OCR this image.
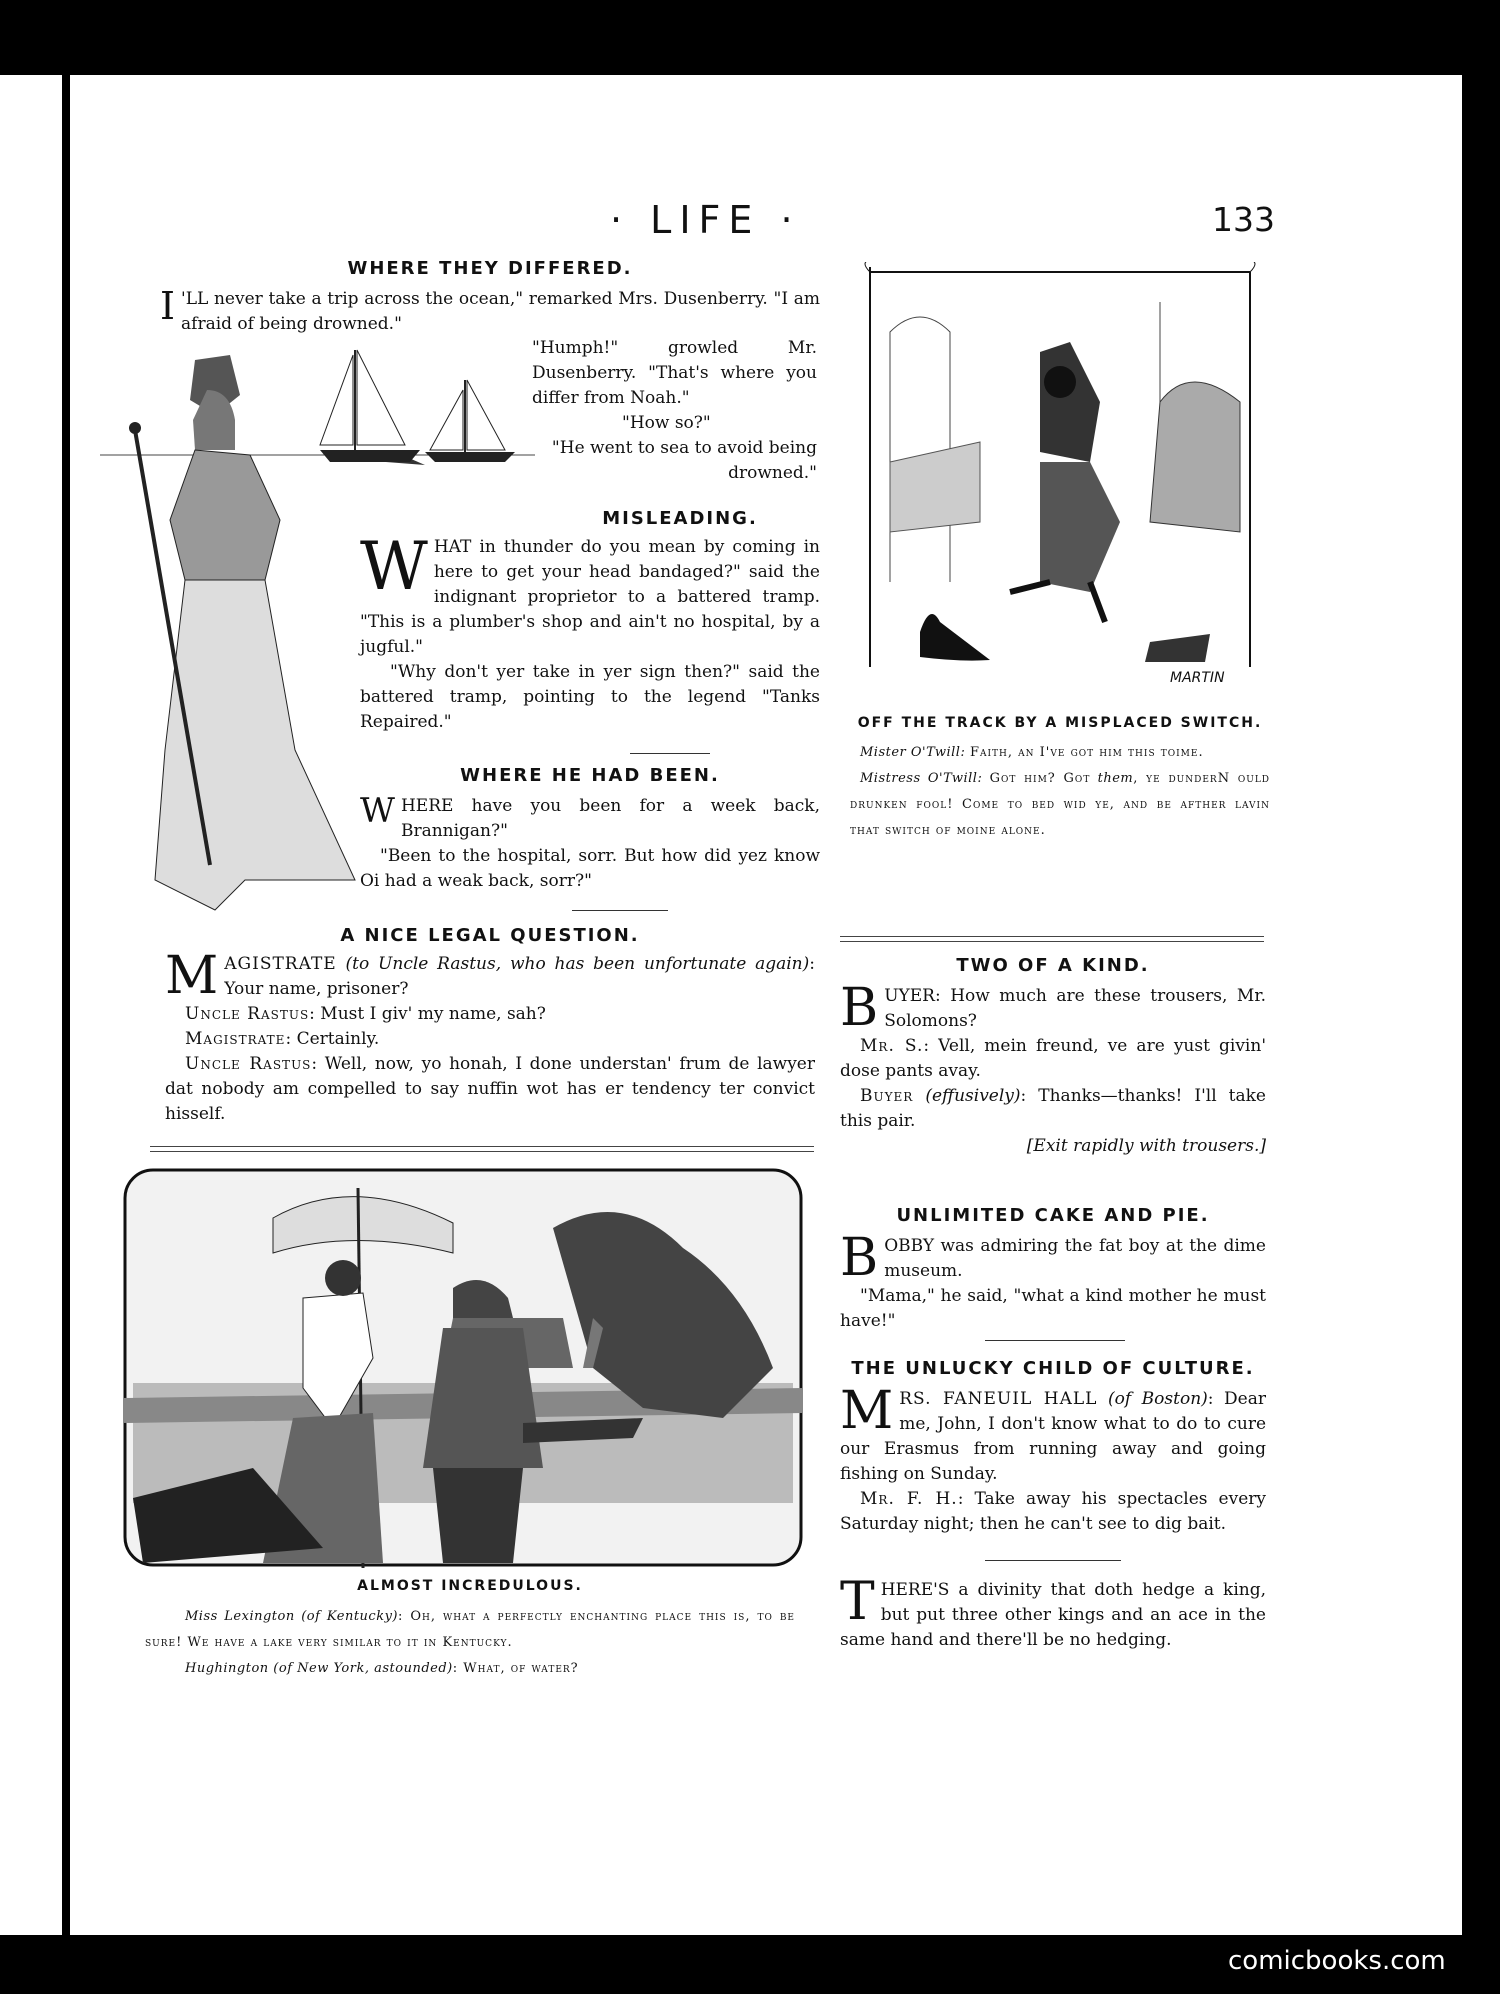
· LIFE ·	133
WHERE THEY DIFFERED.

I 'LL never take a trip across the ocean," remarked Mrs. Dusenberry. "I am afraid of being drowned."

"Humph!" growled Mr. Dusenberry. "That's where you differ from Noah."

"How so?"

"He went to sea to avoid being drowned."

MISLEADING.

WHAT in thunder do you mean by coming in here to get your head bandaged?" said the indignant proprietor to a battered tramp. "This is a plumber's shop and ain't no hospital, by a jugful."

"Why don't yer take in yer sign then?" said the battered tramp, pointing to the legend "Tanks Repaired."

WHERE HE HAD BEEN.

WHERE have you been for a week back, Brannigan?"

"Been to the hospital, sorr. But how did yez know Oi had a weak back, sorr?"

A NICE LEGAL QUESTION.

MAGISTRATE (to Uncle Rastus, who has been unfortunate again): Your name, prisoner?

Uncle Rastus: Must I giv' my name, sah?

Magistrate: Certainly.

Uncle Rastus: Well, now, yo honah, I done understan' frum de lawyer dat nobody am compelled to say nuffin wot has er tendency ter convict hisself.

ALMOST INCREDULOUS.

Miss Lexington (of Kentucky): Oh, what a perfectly enchanting place this is, to be sure! We have a lake very similar to it in Kentucky.

Hughington (of New York, astounded): What, of water?

MARTIN
OFF THE TRACK BY A MISPLACED SWITCH.

Mister O'Twill: Faith, an I've got him this toime.

Mistress O'Twill: Got him? Got them, ye dunderN ould drunken fool! Come to bed wid ye, and be afther lavin that switch of moine alone.

TWO OF A KIND.

BUYER: How much are these trousers, Mr. Solomons?

Mr. S.: Vell, mein freund, ve are yust givin' dose pants avay.

Buyer (effusively): Thanks—thanks! I'll take this pair.

[Exit rapidly with trousers.]

UNLIMITED CAKE AND PIE.

BOBBY was admiring the fat boy at the dime museum.

"Mama," he said, "what a kind mother he must have!"

THE UNLUCKY CHILD OF CULTURE.

MRS. FANEUIL HALL (of Boston): Dear me, John, I don't know what to do to cure our Erasmus from running away and going fishing on Sunday.

Mr. F. H.: Take away his spectacles every Saturday night; then he can't see to dig bait.

THERE'S a divinity that doth hedge a king, but put three other kings and an ace in the same hand and there'll be no hedging.

comicbooks.com
